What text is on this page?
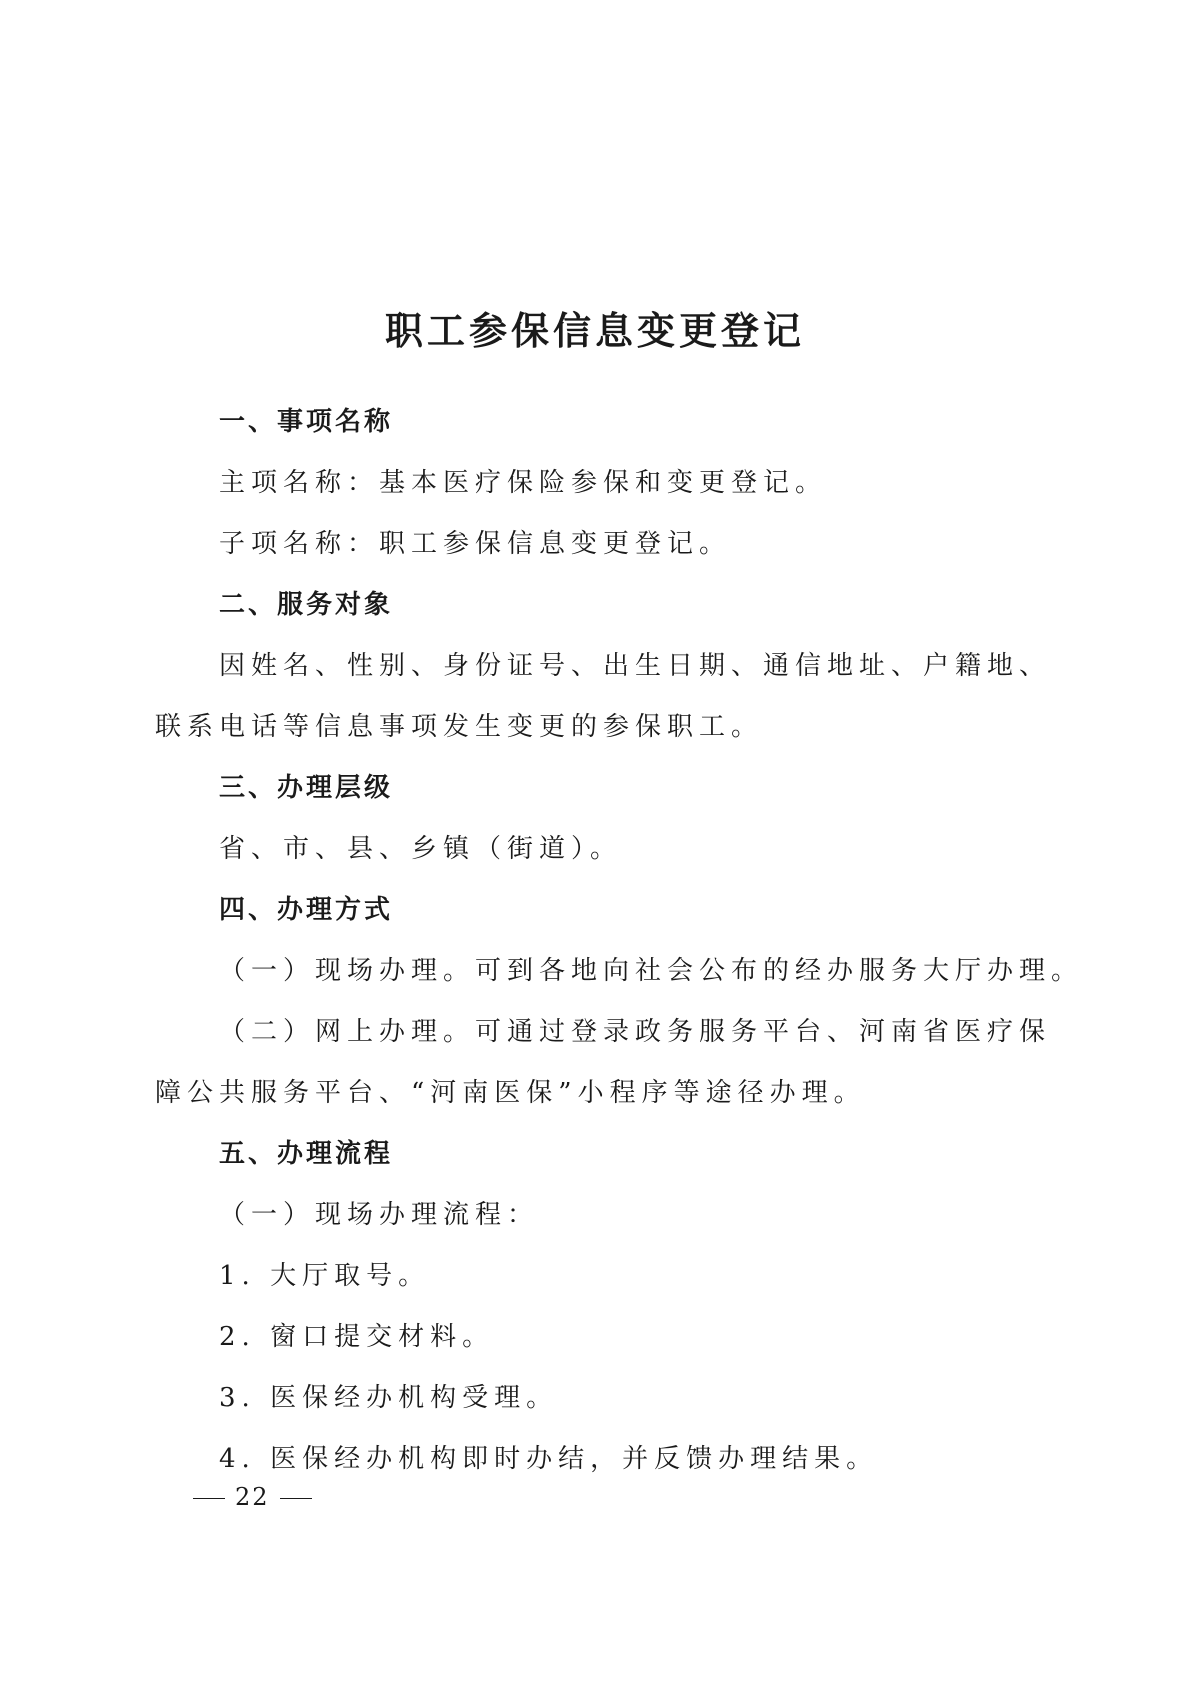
职工参保信息变更登记

一、事项名称

主项名称：基本医疗保险参保和变更登记。

子项名称：职工参保信息变更登记。

二、服务对象

因姓名、性别、身份证号、出生日期、通信地址、户籍地、

联系电话等信息事项发生变更的参保职工。

三、办理层级

省、市、县、乡镇（街道）。

四、办理方式

（一）现场办理。可到各地向社会公布的经办服务大厅办理。

（二）网上办理。可通过登录政务服务平台、河南省医疗保

障公共服务平台、“河南医保”小程序等途径办理。

五、办理流程

（一）现场办理流程：

1. 大厅取号。

2. 窗口提交材料。

3. 医保经办机构受理。

4. 医保经办机构即时办结，并反馈办理结果。

22
